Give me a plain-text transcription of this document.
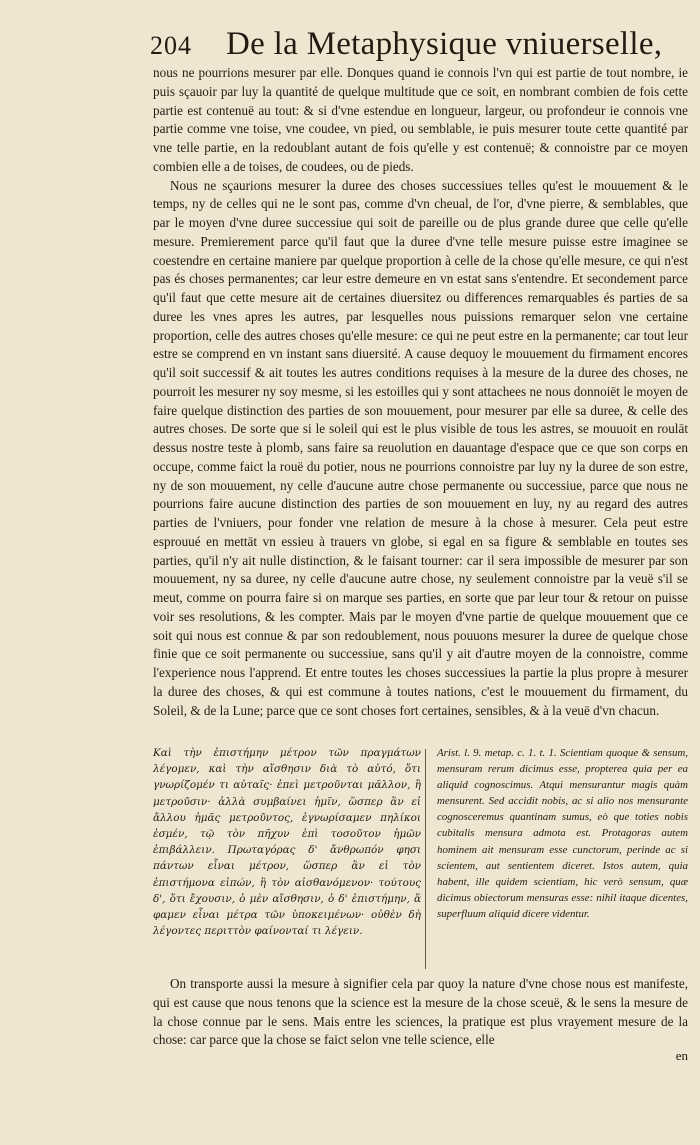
204 De la Metaphysique vniuerselle,

nous ne pourrions mesurer par elle. Donques quand ie connois l'vn qui est partie de tout nombre, ie puis sçauoir par luy la quantité de quelque multitude que ce soit, en nombrant combien de fois cette partie est contenuë au tout: & si d'vne estendue en longueur, largeur, ou profondeur ie connois vne partie comme vne toise, vne coudee, vn pied, ou semblable, ie puis mesurer toute cette quantité par vne telle partie, en la redoublant autant de fois qu'elle y est contenuë; & connoistre par ce moyen combien elle a de toises, de coudees, ou de pieds.

Nous ne sçaurions mesurer la duree des choses successiues telles qu'est le mouuement & le temps, ny de celles qui ne le sont pas, comme d'vn cheual, de l'or, d'vne pierre, & semblables, que par le moyen d'vne duree successiue qui soit de pareille ou de plus grande duree que celle qu'elle mesure. Premierement parce qu'il faut que la duree d'vne telle mesure puisse estre imaginee se coestendre en certaine maniere par quelque proportion à celle de la chose qu'elle mesure, ce qui n'est pas és choses permanentes; car leur estre demeure en vn estat sans s'entendre. Et secondement parce qu'il faut que cette mesure ait de certaines diuersitez ou differences remarquables és parties de sa duree les vnes apres les autres, par lesquelles nous puissions remarquer selon vne certaine proportion, celle des autres choses qu'elle mesure: ce qui ne peut estre en la permanente; car tout leur estre se comprend en vn instant sans diuersité. A cause dequoy le mouuement du firmament encores qu'il soit successif & ait toutes les autres conditions requises à la mesure de la duree des choses, ne pourroit les mesurer ny soy mesme, si les estoilles qui y sont attachees ne nous donnoiēt le moyen de faire quelque distinction des parties de son mouuement, pour mesurer par elle sa duree, & celle des autres choses. De sorte que si le soleil qui est le plus visible de tous les astres, se mouuoit en roulāt dessus nostre teste à plomb, sans faire sa reuolution en dauantage d'espace que ce que son corps en occupe, comme faict la rouë du potier, nous ne pourrions connoistre par luy ny la duree de son estre, ny de son mouuement, ny celle d'aucune autre chose permanente ou successiue, parce que nous ne pourrions faire aucune distinction des parties de son mouuement en luy, ny au regard des autres parties de l'vniuers, pour fonder vne relation de mesure à la chose à mesurer. Cela peut estre esprouué en mettāt vn essieu à trauers vn globe, si egal en sa figure & semblable en toutes ses parties, qu'il n'y ait nulle distinction, & le faisant tourner: car il sera impossible de mesurer par son mouuement, ny sa duree, ny celle d'aucune autre chose, ny seulement connoistre par la veuë s'il se meut, comme on pourra faire si on marque ses parties, en sorte que par leur tour & retour on puisse voir ses resolutions, & les compter. Mais par le moyen d'vne partie de quelque mouuement que ce soit qui nous est connue & par son redoublement, nous pouuons mesurer la duree de quelque chose finie que ce soit permanente ou successiue, sans qu'il y ait d'autre moyen de la connoistre, comme l'experience nous l'apprend. Et entre toutes les choses successiues la partie la plus propre à mesurer la duree des choses, & qui est commune à toutes nations, c'est le mouuement du firmament, du Soleil, & de la Lune; parce que ce sont choses fort certaines, sensibles, & à la veuë d'vn chacun.

Καὶ τὴν ἐπιστήμην μέτρον τῶν πραγμάτων λέγομεν, καὶ τὴν αἴσθησιν διὰ τὸ αὐτό, ὅτι γνωρίζομέν τι αὐταῖς· ἐπεὶ μετροῦνται μᾶλλον, ἢ μετροῦσιν· ἀλλὰ συμβαίνει ἡμῖν, ὥσπερ ἂν εἰ ἄλλου ἡμᾶς μετροῦντος, ἐγνωρίσαμεν πηλίκοι ἐσμέν, τῷ τὸν πῆχυν ἐπὶ τοσοῦτον ἡμῶν ἐπιβάλλειν. Πρωταγόρας δ' ἄνθρωπόν φησι πάντων εἶναι μέτρον, ὥσπερ ἂν εἰ τὸν ἐπιστήμονα εἰπών, ἢ τὸν αἰσθανόμενον· τούτους δ', ὅτι ἔχουσιν, ὁ μὲν αἴσθησιν, ὁ δ' ἐπιστήμην, ἅ φαμεν εἶναι μέτρα τῶν ὑποκειμένων· οὐθὲν δὴ λέγοντες περιττὸν φαίνονταί τι λέγειν.
Arist. l. 9. metap. c. 1. t. 1. Scientiam quoque & sensum, mensuram rerum dicimus esse, propterea quia per ea aliquid cognoscimus. Atqui mensurantur magis quàm mensurent. Sed accidit nobis, ac si alio nos mensurante cognosceremus quantinam sumus, eò que toties nobis cubitalis mensura admota est. Protagoras autem hominem ait mensuram esse cunctorum, perinde ac si scientem, aut sentientem diceret. Istos autem, quia habent, ille quidem scientiam, hic verò sensum, quæ dicimus obiectorum mensuras esse: nihil itaque dicentes, superfluum aliquid dicere videntur.

On transporte aussi la mesure à signifier cela par quoy la nature d'vne chose nous est manifeste, qui est cause que nous tenons que la science est la mesure de la chose sceuë, & le sens la mesure de la chose connue par le sens. Mais entre les sciences, la pratique est plus vrayement mesure de la chose: car parce que la chose se faict selon vne telle science, elle

en
